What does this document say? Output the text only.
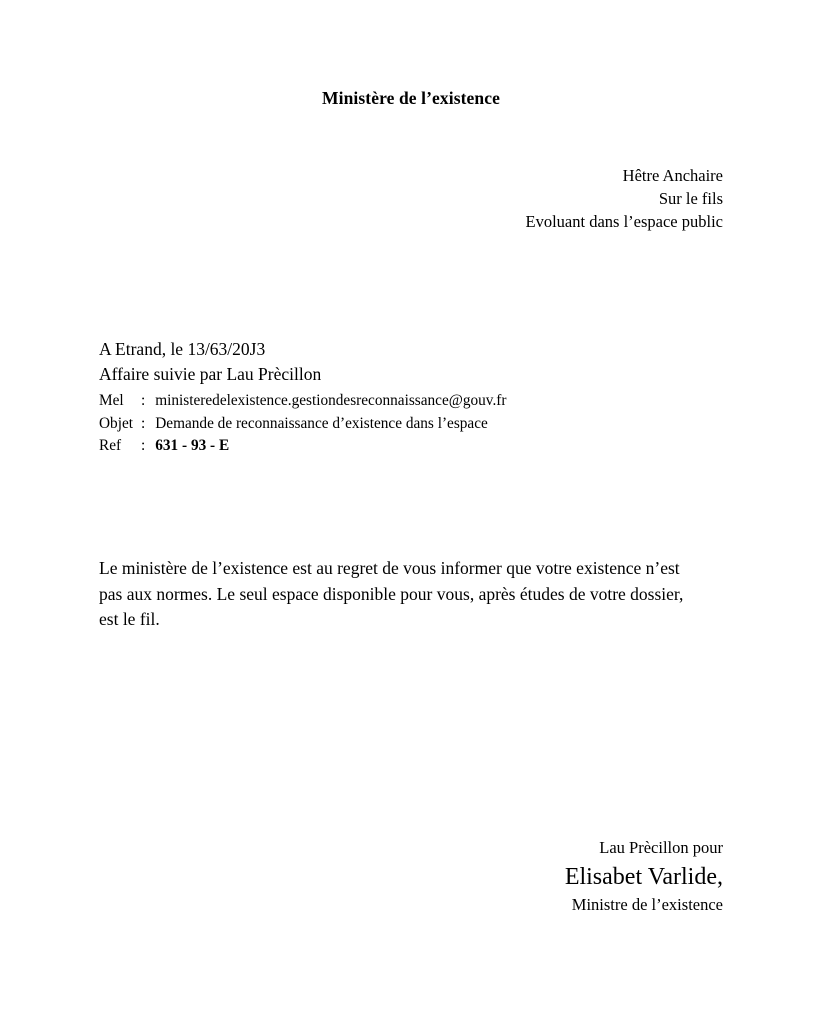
Ministère de l’existence
Hêtre Anchaire
Sur le fils
Evoluant dans l’espace public
A Etrand, le 13/63/20J3
Affaire suivie par Lau Prècillon
Mel	: ministeredelexistence.gestiondesreconnaissance@gouv.fr
Objet : Demande de reconnaissance d’existence dans l’espace
Ref	: 631 - 93 - E
Le ministère de l’existence est au regret de vous informer que votre existence n’est pas aux normes. Le seul espace disponible pour vous, après études de votre dossier, est le fil.
Lau Prècillon pour
Elisabet Varlide,
Ministre de l’existence
